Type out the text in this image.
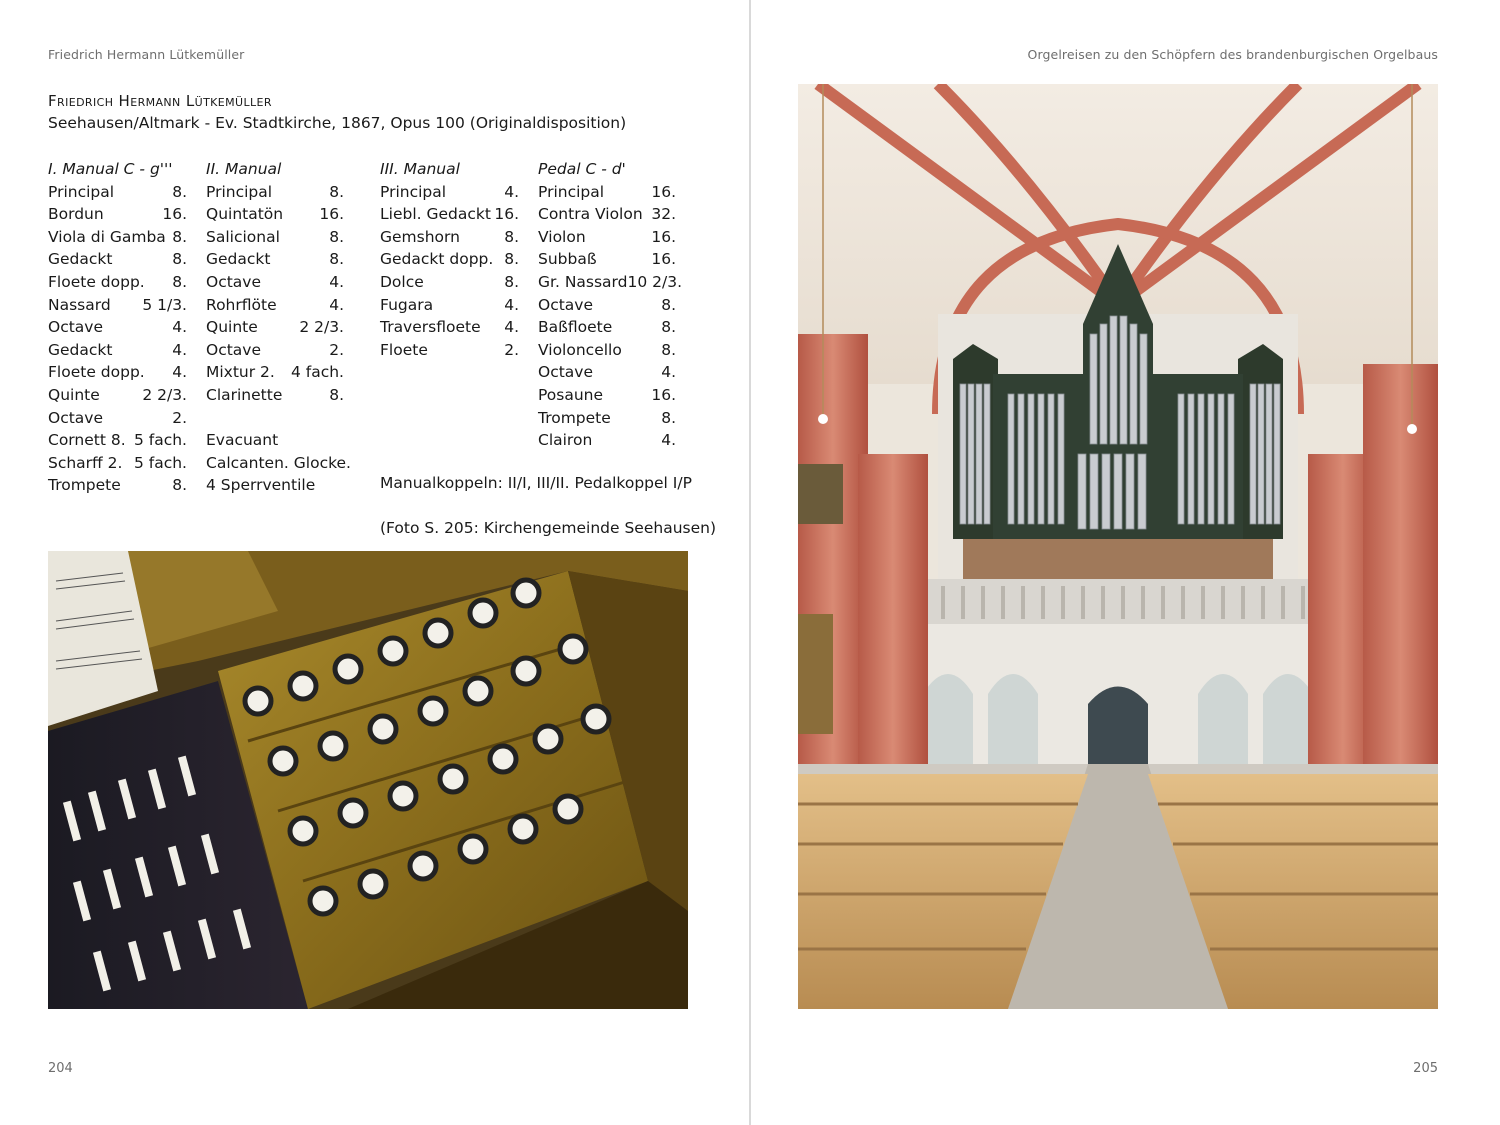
Friedrich Hermann Lütkemüller
Friedrich Hermann Lütkemüller
Seehausen/Altmark - Ev. Stadtkirche, 1867, Opus 100 (Originaldisposition)
I. Manual C - g'''
Principal	8.
Bordun	16.
Viola di Gamba 8.
Gedackt	8.
Floete dopp. 8.
Nassard 5 1/3.
Octave	4.
Gedackt	4.
Floete dopp. 4.
Quinte	2 2/3.
Octave	2.
Cornett 8. 5 fach.
Scharff 2. 5 fach.
Trompete	8.
II. Manual
Principal	8.
Quintatön 16.
Salicional	8.
Gedackt	8.
Octave	4.
Rohrflöte	4.
Quinte	2 2/3.
Octave	2.
Mixtur 2. 4 fach.
Clarinette	8.
Evacuant
Calcanten. Glocke.
4 Sperrventile
III. Manual
Principal	4.
Liebl. Gedackt 16.
Gemshorn	8.
Gedackt dopp. 8.
Dolce	8.
Fugara	4.
Traversfloete 4.
Floete	2.
Pedal C - d'
Principal	16.
Contra Violon 32.
Violon	16.
Subbaß	16.
Gr. Nassard 10 2/3.
Octave	8.
Baßfloete	8.
Violoncello	8.
Octave	4.
Posaune	16.
Trompete	8.
Clairon	4.
Manualkoppeln: II/I, III/II. Pedalkoppel I/P
(Foto S. 205: Kirchengemeinde Seehausen)
204
Orgelreisen zu den Schöpfern des brandenburgischen Orgelbaus
205
